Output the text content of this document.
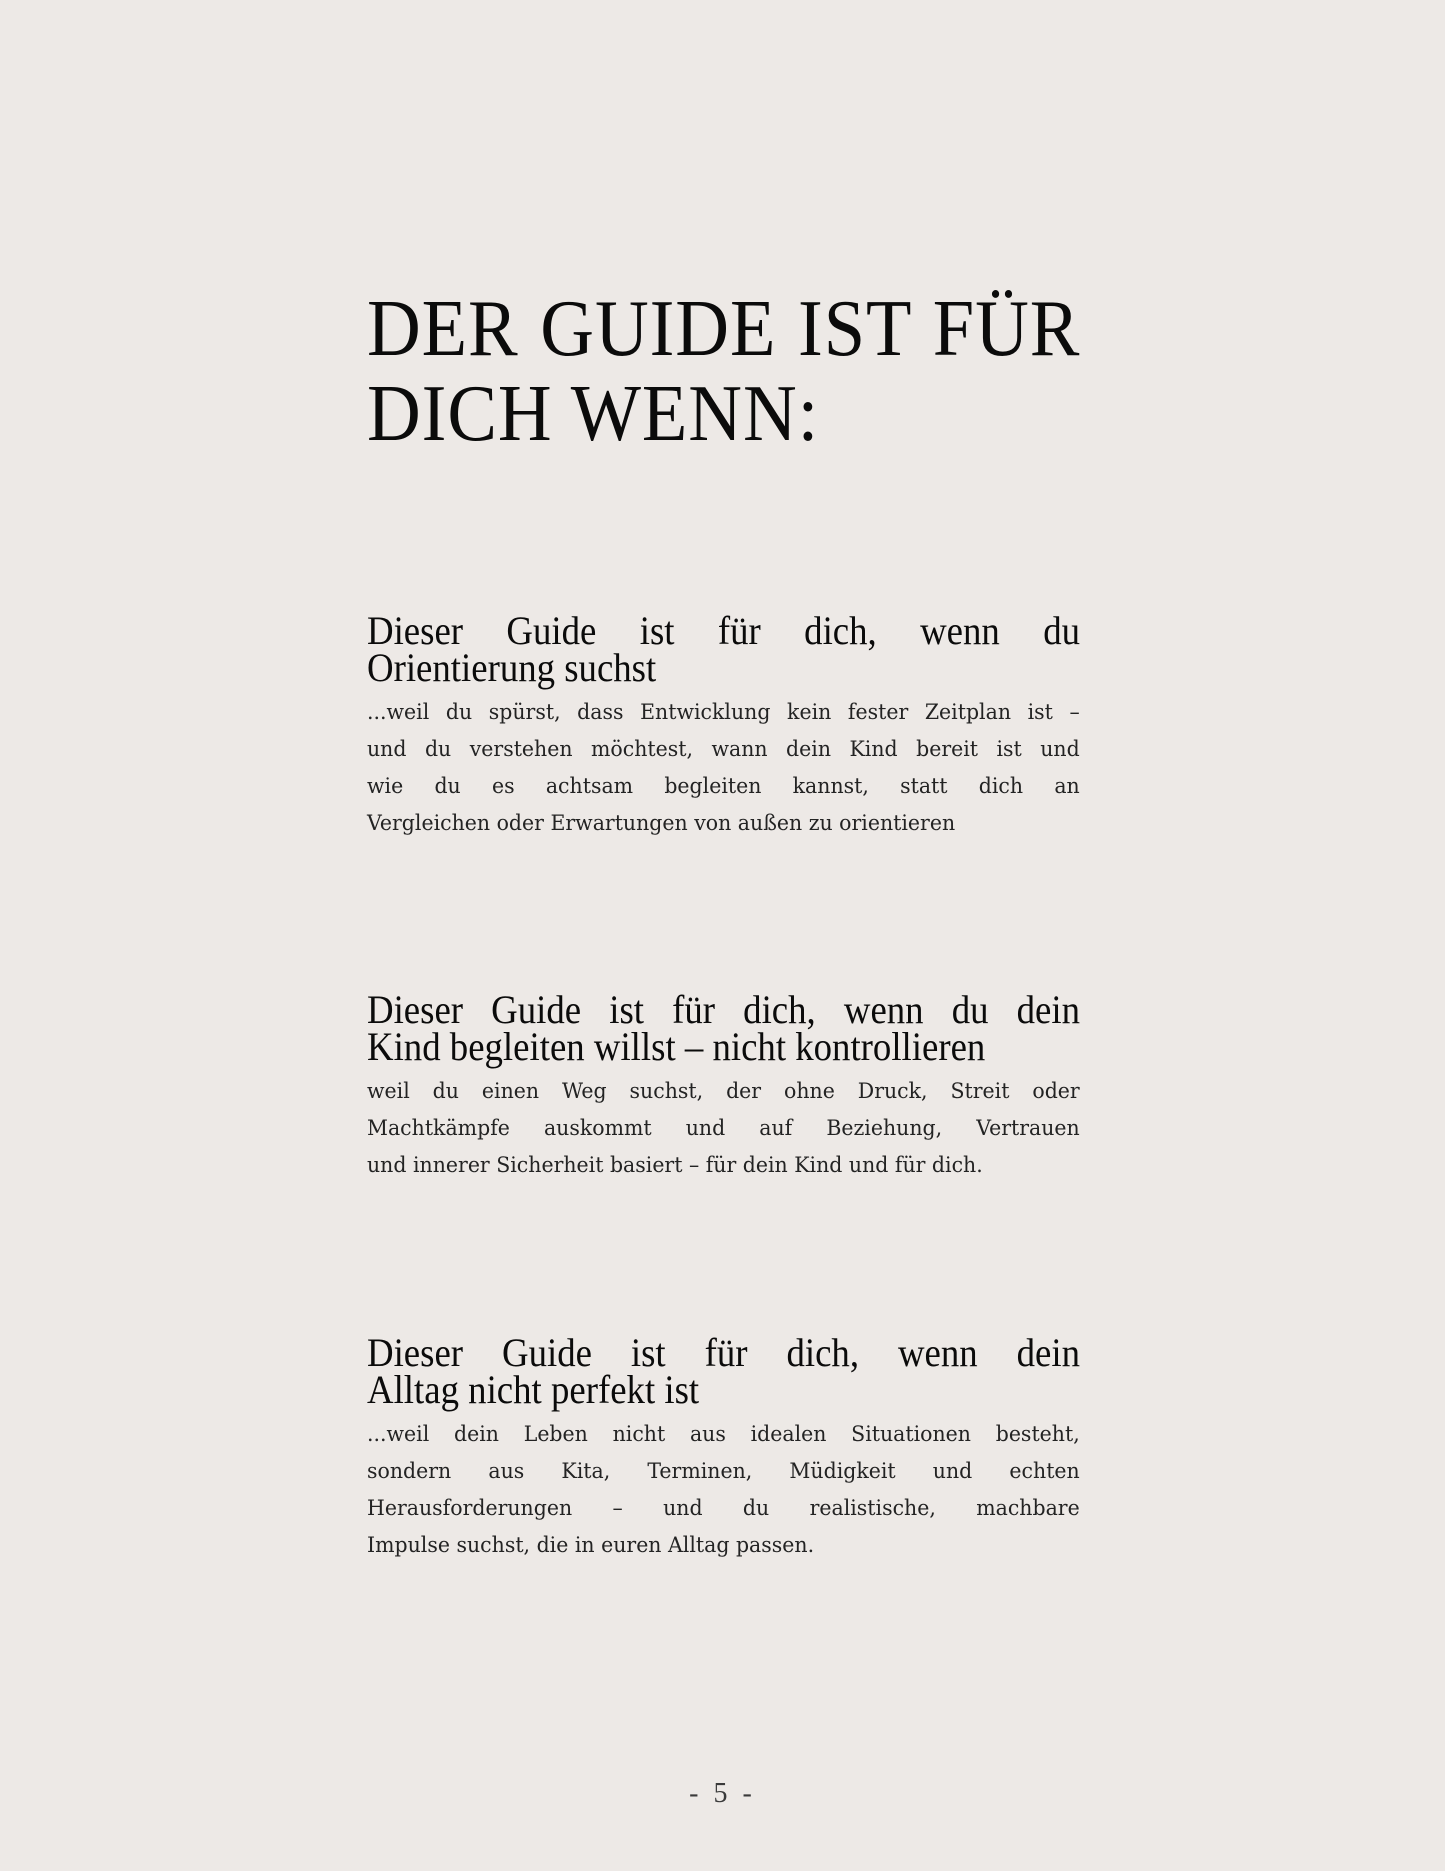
DER GUIDE IST FÜR
DICH WENN:
Dieser Guide ist für dich, wenn du
Orientierung suchst

...weil du spürst, dass Entwicklung kein fester Zeitplan ist –
und du verstehen möchtest, wann dein Kind bereit ist und
wie du es achtsam begleiten kannst, statt dich an
Vergleichen oder Erwartungen von außen zu orientieren

Dieser Guide ist für dich, wenn du dein
Kind begleiten willst – nicht kontrollieren

weil du einen Weg suchst, der ohne Druck, Streit oder
Machtkämpfe auskommt und auf Beziehung, Vertrauen
und innerer Sicherheit basiert – für dein Kind und für dich.

Dieser Guide ist für dich, wenn dein
Alltag nicht perfekt ist

...weil dein Leben nicht aus idealen Situationen besteht,
sondern aus Kita, Terminen, Müdigkeit und echten
Herausforderungen – und du realistische, machbare
Impulse suchst, die in euren Alltag passen.

- 5 -
